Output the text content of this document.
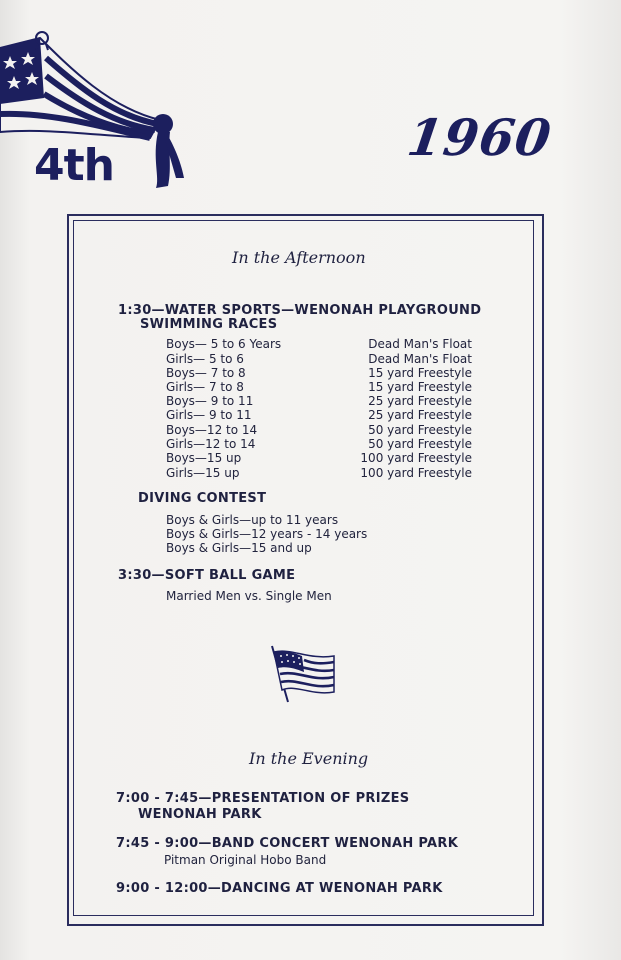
4th	1960
In the Afternoon
1:30—WATER SPORTS—WENONAH PLAYGROUND
SWIMMING RACES
Boys— 5 to 6 Years	Dead Man's Float
Girls— 5 to 6	Dead Man's Float
Boys— 7 to 8	15 yard Freestyle
Girls— 7 to 8	15 yard Freestyle
Boys— 9 to 11	25 yard Freestyle
Girls— 9 to 11	25 yard Freestyle
Boys—12 to 14	50 yard Freestyle
Girls—12 to 14	50 yard Freestyle
Boys—15 up	100 yard Freestyle
Girls—15 up	100 yard Freestyle
DIVING CONTEST
Boys & Girls—up to 11 years
Boys & Girls—12 years - 14 years
Boys & Girls—15 and up
3:30—SOFT BALL GAME
Married Men vs. Single Men
In the Evening
7:00 - 7:45—PRESENTATION OF PRIZES
WENONAH PARK
7:45 - 9:00—BAND CONCERT WENONAH PARK
Pitman Original Hobo Band
9:00 - 12:00—DANCING AT WENONAH PARK
